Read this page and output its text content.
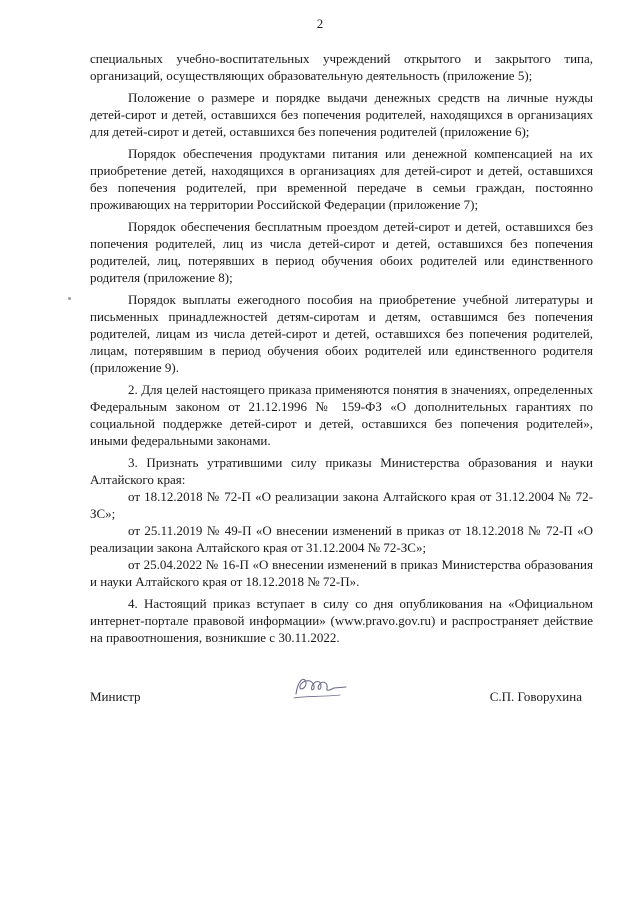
2

специальных учебно-воспитательных учреждений открытого и закрытого типа, организаций, осуществляющих образовательную деятельность (приложение 5);

Положение о размере и порядке выдачи денежных средств на личные нужды детей-сирот и детей, оставшихся без попечения родителей, находящихся в организациях для детей-сирот и детей, оставшихся без попечения родителей (приложение 6);

Порядок обеспечения продуктами питания или денежной компенсацией на их приобретение детей, находящихся в организациях для детей-сирот и детей, оставшихся без попечения родителей, при временной передаче в семьи граждан, постоянно проживающих на территории Российской Федерации (приложение 7);

Порядок обеспечения бесплатным проездом детей-сирот и детей, оставшихся без попечения родителей, лиц из числа детей-сирот и детей, оставшихся без попечения родителей, лиц, потерявших в период обучения обоих родителей или единственного родителя (приложение 8);

Порядок выплаты ежегодного пособия на приобретение учебной литературы и письменных принадлежностей детям-сиротам и детям, оставшимся без попечения родителей, лицам из числа детей-сирот и детей, оставшихся без попечения родителей, лицам, потерявшим в период обучения обоих родителей или единственного родителя (приложение 9).

2. Для целей настоящего приказа применяются понятия в значениях, определенных Федеральным законом от 21.12.1996 № 159-ФЗ «О дополнительных гарантиях по социальной поддержке детей-сирот и детей, оставшихся без попечения родителей», иными федеральными законами.

3. Признать утратившими силу приказы Министерства образования и науки Алтайского края:

от 18.12.2018 № 72-П «О реализации закона Алтайского края от 31.12.2004 № 72-ЗС»;

от 25.11.2019 № 49-П «О внесении изменений в приказ от 18.12.2018 № 72-П «О реализации закона Алтайского края от 31.12.2004 № 72-ЗС»;

от 25.04.2022 № 16-П «О внесении изменений в приказ Министерства образования и науки Алтайского края от 18.12.2018 № 72-П».

4. Настоящий приказ вступает в силу со дня опубликования на «Официальном интернет-портале правовой информации» (www.pravo.gov.ru) и распространяет действие на правоотношения, возникшие с 30.11.2022.

Министр	С.П. Говорухина
